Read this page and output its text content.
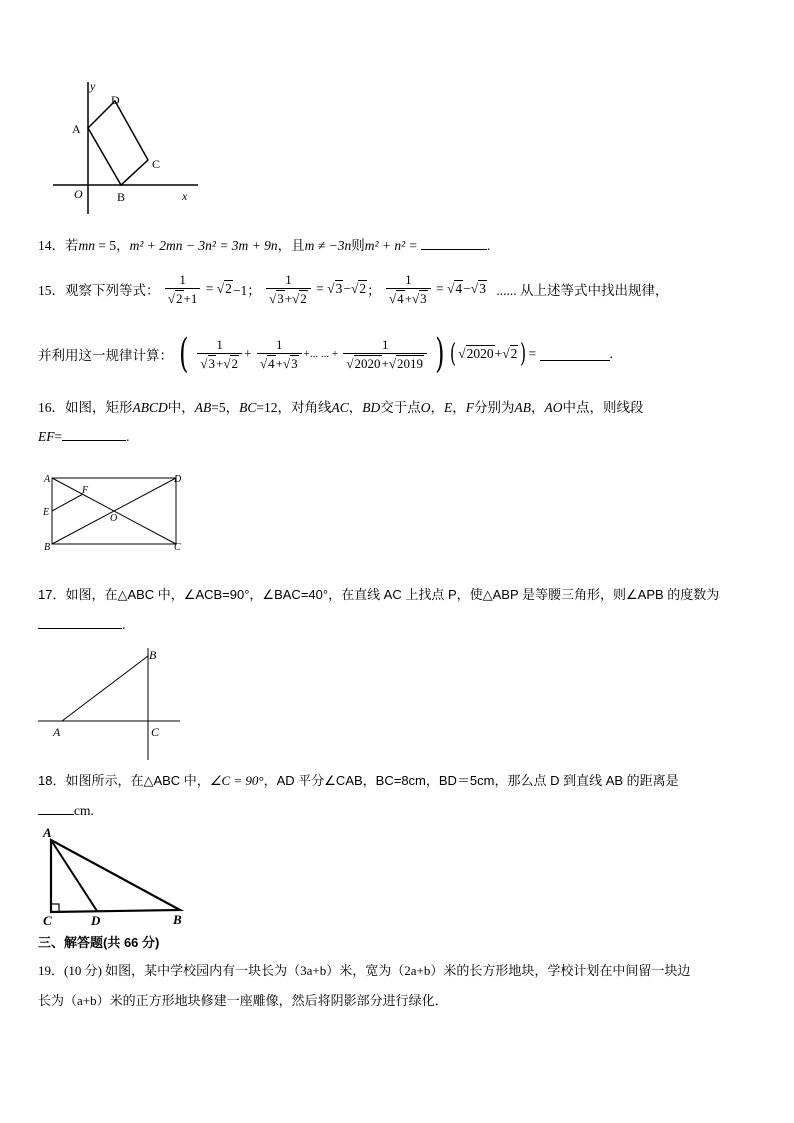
y
D
A
C
O	B	x
14．若mn = 5，m² + 2mn − 3n² = 3m + 9n，且m ≠ −3n则m² + n² =	.
15．观察下列等式： $\frac{1}{√2+1} = √2-1$； $\frac{1}{√3+√2} = √3-√2$； $\frac{1}{√4+√3} = √4-√3$ ...... 从上述等式中找出规律，
并利用这一规律计算： ( $\frac{1}{√3+√2} + \frac{1}{√4+√3}$ +... ... + $\frac{1}{√2020+√2019}$ ) ( √2020+√2 ) =	.
16．如图，矩形ABCD中，AB=5，BC=12，对角线AC，BD交于点O，E，F分别为AB，AO中点，则线段
EF=	.
A	D
F
E
O
B	C
17．如图，在△ABC 中，∠ACB=90°，∠BAC=40°，在直线 AC 上找点 P，使△ABP 是等腰三角形，则∠APB 的度数为
.
B
A	C
18．如图所示，在△ABC 中，∠C = 90°，AD 平分∠CAB，BC=8cm，BD＝5cm，那么点 D 到直线 AB 的距离是
cm.
A
C	D	B
三、解答题(共 66 分)
19．(10 分) 如图，某中学校园内有一块长为（3a+b）米，宽为（2a+b）米的长方形地块，学校计划在中间留一块边
长为（a+b）米的正方形地块修建一座雕像，然后将阴影部分进行绿化．
